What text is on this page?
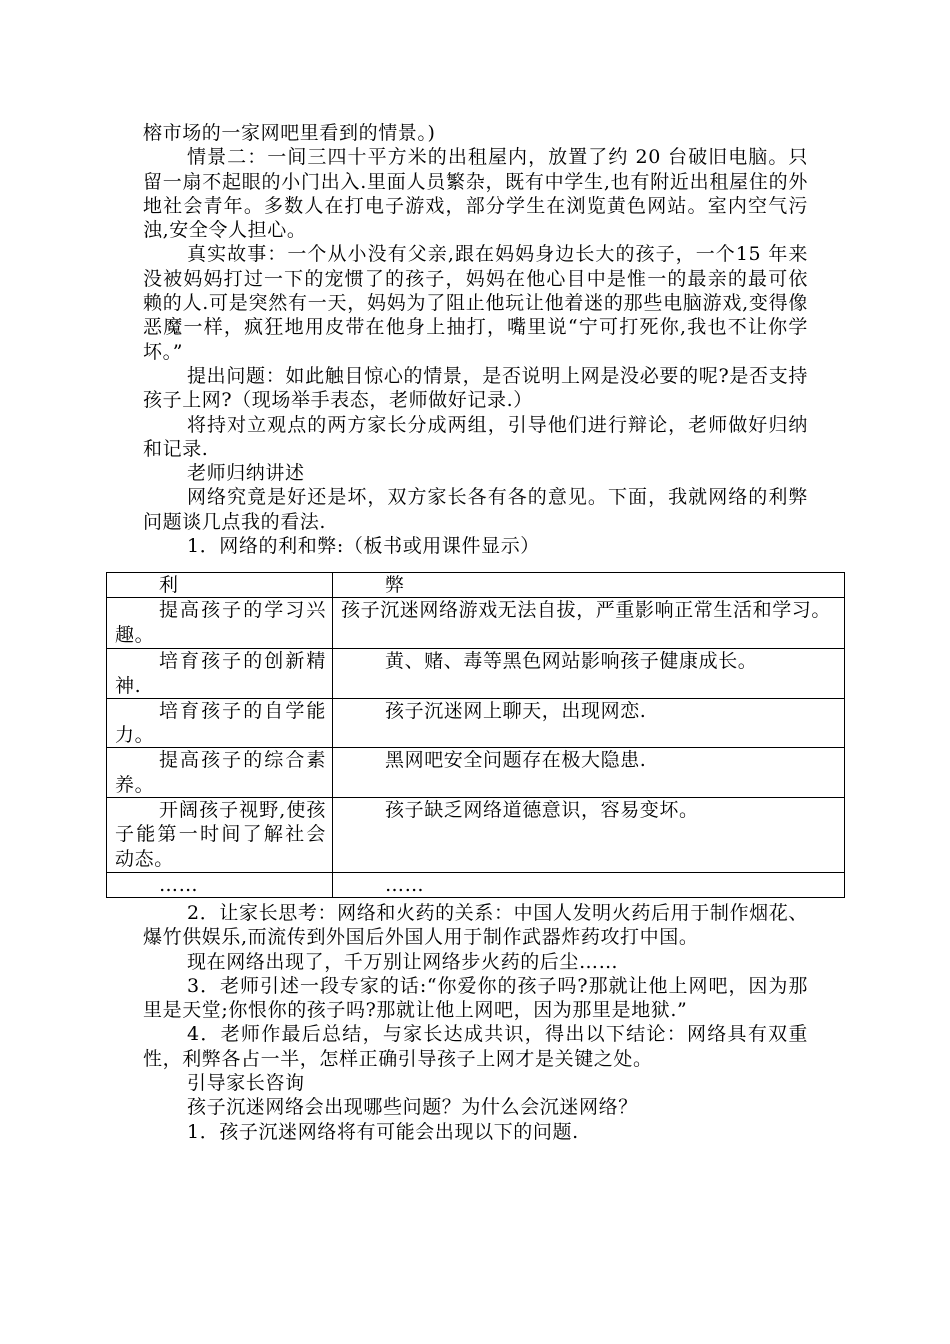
榕市场的一家网吧里看到的情景。)

情景二：一间三四十平方米的出租屋内，放置了约 20 台破旧电脑。只留一扇不起眼的小门出入.里面人员繁杂，既有中学生,也有附近出租屋住的外地社会青年。多数人在打电子游戏，部分学生在浏览黄色网站。室内空气污浊,安全令人担心。

真实故事：一个从小没有父亲,跟在妈妈身边长大的孩子，一个15 年来没被妈妈打过一下的宠惯了的孩子，妈妈在他心目中是惟一的最亲的最可依赖的人.可是突然有一天，妈妈为了阻止他玩让他着迷的那些电脑游戏,变得像恶魔一样，疯狂地用皮带在他身上抽打，嘴里说“宁可打死你,我也不让你学坏。”

提出问题：如此触目惊心的情景，是否说明上网是没必要的呢?是否支持孩子上网?（现场举手表态，老师做好记录.）

将持对立观点的两方家长分成两组，引导他们进行辩论，老师做好归纳和记录.

老师归纳讲述

网络究竟是好还是坏，双方家长各有各的意见。下面，我就网络的利弊问题谈几点我的看法.

1．网络的利和弊:（板书或用课件显示）

利	弊
提高孩子的学习兴趣。	孩子沉迷网络游戏无法自拔，严重影响正常生活和学习。
培育孩子的创新精神.	黄、赌、毒等黑色网站影响孩子健康成长。
培育孩子的自学能力。	孩子沉迷网上聊天，出现网恋.
提高孩子的综合素养。	黑网吧安全问题存在极大隐患.
开阔孩子视野,使孩子能第一时间了解社会动态。	孩子缺乏网络道德意识，容易变坏。
……	……

2．让家长思考：网络和火药的关系：中国人发明火药后用于制作烟花、爆竹供娱乐,而流传到外国后外国人用于制作武器炸药攻打中国。

现在网络出现了，千万别让网络步火药的后尘……

3．老师引述一段专家的话:“你爱你的孩子吗?那就让他上网吧，因为那里是天堂;你恨你的孩子吗?那就让他上网吧，因为那里是地狱.”

4．老师作最后总结，与家长达成共识，得出以下结论：网络具有双重性，利弊各占一半，怎样正确引导孩子上网才是关键之处。

引导家长咨询

孩子沉迷网络会出现哪些问题？为什么会沉迷网络？

1．孩子沉迷网络将有可能会出现以下的问题.
